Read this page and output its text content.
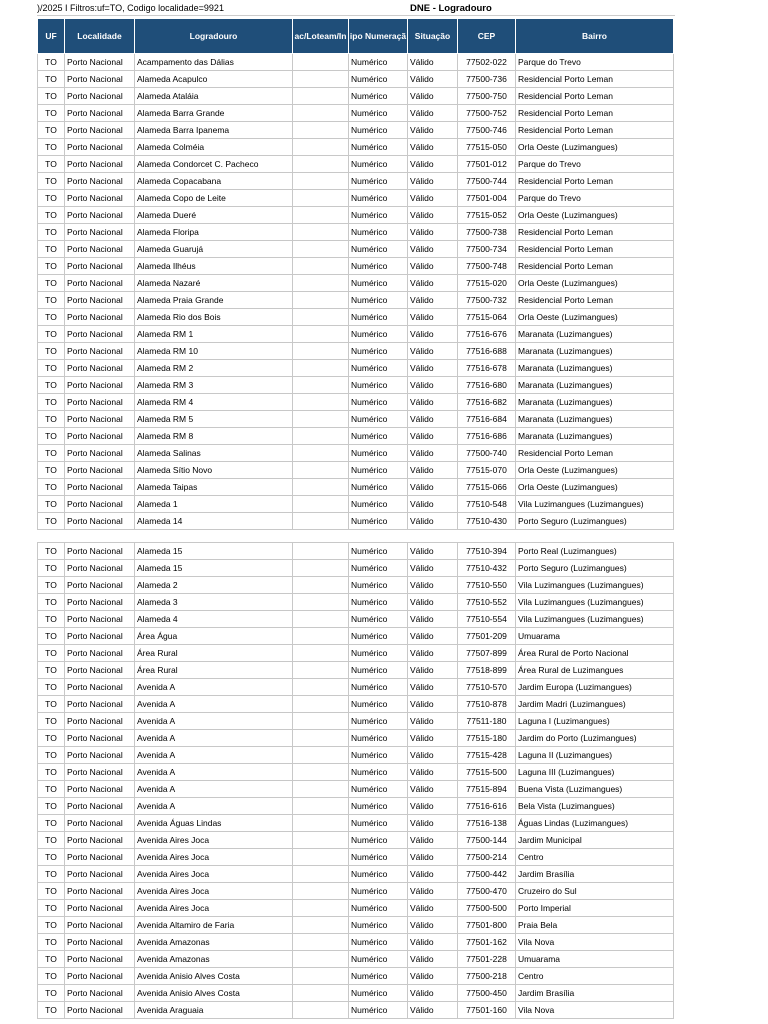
)/2025 I Filtros:uf=TO, Codigo localidade=9921	DNE - Logradouro
UF	Localidade	Logradouro	ac/Loteam/In	ipo Numeraçã	Situação	CEP	Bairro
TO	Porto Nacional	Acampamento das Dálias		Numérico	Válido	77502-022	Parque do Trevo
TO	Porto Nacional	Alameda Acapulco		Numérico	Válido	77500-736	Residencial Porto Leman
TO	Porto Nacional	Alameda Ataláia		Numérico	Válido	77500-750	Residencial Porto Leman
TO	Porto Nacional	Alameda Barra Grande		Numérico	Válido	77500-752	Residencial Porto Leman
TO	Porto Nacional	Alameda Barra Ipanema		Numérico	Válido	77500-746	Residencial Porto Leman
TO	Porto Nacional	Alameda Colméia		Numérico	Válido	77515-050	Orla Oeste (Luzimangues)
TO	Porto Nacional	Alameda Condorcet C. Pacheco		Numérico	Válido	77501-012	Parque do Trevo
TO	Porto Nacional	Alameda Copacabana		Numérico	Válido	77500-744	Residencial Porto Leman
TO	Porto Nacional	Alameda Copo de Leite		Numérico	Válido	77501-004	Parque do Trevo
TO	Porto Nacional	Alameda Dueré		Numérico	Válido	77515-052	Orla Oeste (Luzimangues)
TO	Porto Nacional	Alameda Floripa		Numérico	Válido	77500-738	Residencial Porto Leman
TO	Porto Nacional	Alameda Guarujá		Numérico	Válido	77500-734	Residencial Porto Leman
TO	Porto Nacional	Alameda Ilhéus		Numérico	Válido	77500-748	Residencial Porto Leman
TO	Porto Nacional	Alameda Nazaré		Numérico	Válido	77515-020	Orla Oeste (Luzimangues)
TO	Porto Nacional	Alameda Praia Grande		Numérico	Válido	77500-732	Residencial Porto Leman
TO	Porto Nacional	Alameda Rio dos Bois		Numérico	Válido	77515-064	Orla Oeste (Luzimangues)
TO	Porto Nacional	Alameda RM 1		Numérico	Válido	77516-676	Maranata (Luzimangues)
TO	Porto Nacional	Alameda RM 10		Numérico	Válido	77516-688	Maranata (Luzimangues)
TO	Porto Nacional	Alameda RM 2		Numérico	Válido	77516-678	Maranata (Luzimangues)
TO	Porto Nacional	Alameda RM 3		Numérico	Válido	77516-680	Maranata (Luzimangues)
TO	Porto Nacional	Alameda RM 4		Numérico	Válido	77516-682	Maranata (Luzimangues)
TO	Porto Nacional	Alameda RM 5		Numérico	Válido	77516-684	Maranata (Luzimangues)
TO	Porto Nacional	Alameda RM 8		Numérico	Válido	77516-686	Maranata (Luzimangues)
TO	Porto Nacional	Alameda Salinas		Numérico	Válido	77500-740	Residencial Porto Leman
TO	Porto Nacional	Alameda Sítio Novo		Numérico	Válido	77515-070	Orla Oeste (Luzimangues)
TO	Porto Nacional	Alameda Taipas		Numérico	Válido	77515-066	Orla Oeste (Luzimangues)
TO	Porto Nacional	Alameda 1		Numérico	Válido	77510-548	Vila Luzimangues (Luzimangues)
TO	Porto Nacional	Alameda 14		Numérico	Válido	77510-430	Porto Seguro (Luzimangues)
TO	Porto Nacional	Alameda 15		Numérico	Válido	77510-394	Porto Real (Luzimangues)
TO	Porto Nacional	Alameda 15		Numérico	Válido	77510-432	Porto Seguro (Luzimangues)
TO	Porto Nacional	Alameda 2		Numérico	Válido	77510-550	Vila Luzimangues (Luzimangues)
TO	Porto Nacional	Alameda 3		Numérico	Válido	77510-552	Vila Luzimangues (Luzimangues)
TO	Porto Nacional	Alameda 4		Numérico	Válido	77510-554	Vila Luzimangues (Luzimangues)
TO	Porto Nacional	Área Água		Numérico	Válido	77501-209	Umuarama
TO	Porto Nacional	Área Rural		Numérico	Válido	77507-899	Área Rural de Porto Nacional
TO	Porto Nacional	Área Rural		Numérico	Válido	77518-899	Área Rural de Luzimangues
TO	Porto Nacional	Avenida A		Numérico	Válido	77510-570	Jardim Europa (Luzimangues)
TO	Porto Nacional	Avenida A		Numérico	Válido	77510-878	Jardim Madri (Luzimangues)
TO	Porto Nacional	Avenida A		Numérico	Válido	77511-180	Laguna I (Luzimangues)
TO	Porto Nacional	Avenida A		Numérico	Válido	77515-180	Jardim do Porto (Luzimangues)
TO	Porto Nacional	Avenida A		Numérico	Válido	77515-428	Laguna II (Luzimangues)
TO	Porto Nacional	Avenida A		Numérico	Válido	77515-500	Laguna III (Luzimangues)
TO	Porto Nacional	Avenida A		Numérico	Válido	77515-894	Buena Vista (Luzimangues)
TO	Porto Nacional	Avenida A		Numérico	Válido	77516-616	Bela Vista (Luzimangues)
TO	Porto Nacional	Avenida Águas Lindas		Numérico	Válido	77516-138	Águas Lindas (Luzimangues)
TO	Porto Nacional	Avenida Aires Joca		Numérico	Válido	77500-144	Jardim Municipal
TO	Porto Nacional	Avenida Aires Joca		Numérico	Válido	77500-214	Centro
TO	Porto Nacional	Avenida Aires Joca		Numérico	Válido	77500-442	Jardim Brasília
TO	Porto Nacional	Avenida Aires Joca		Numérico	Válido	77500-470	Cruzeiro do Sul
TO	Porto Nacional	Avenida Aires Joca		Numérico	Válido	77500-500	Porto Imperial
TO	Porto Nacional	Avenida Altamiro de Faria		Numérico	Válido	77501-800	Praia Bela
TO	Porto Nacional	Avenida Amazonas		Numérico	Válido	77501-162	Vila Nova
TO	Porto Nacional	Avenida Amazonas		Numérico	Válido	77501-228	Umuarama
TO	Porto Nacional	Avenida Anisio Alves Costa		Numérico	Válido	77500-218	Centro
TO	Porto Nacional	Avenida Anisio Alves Costa		Numérico	Válido	77500-450	Jardim Brasília
TO	Porto Nacional	Avenida Araguaia		Numérico	Válido	77501-160	Vila Nova
